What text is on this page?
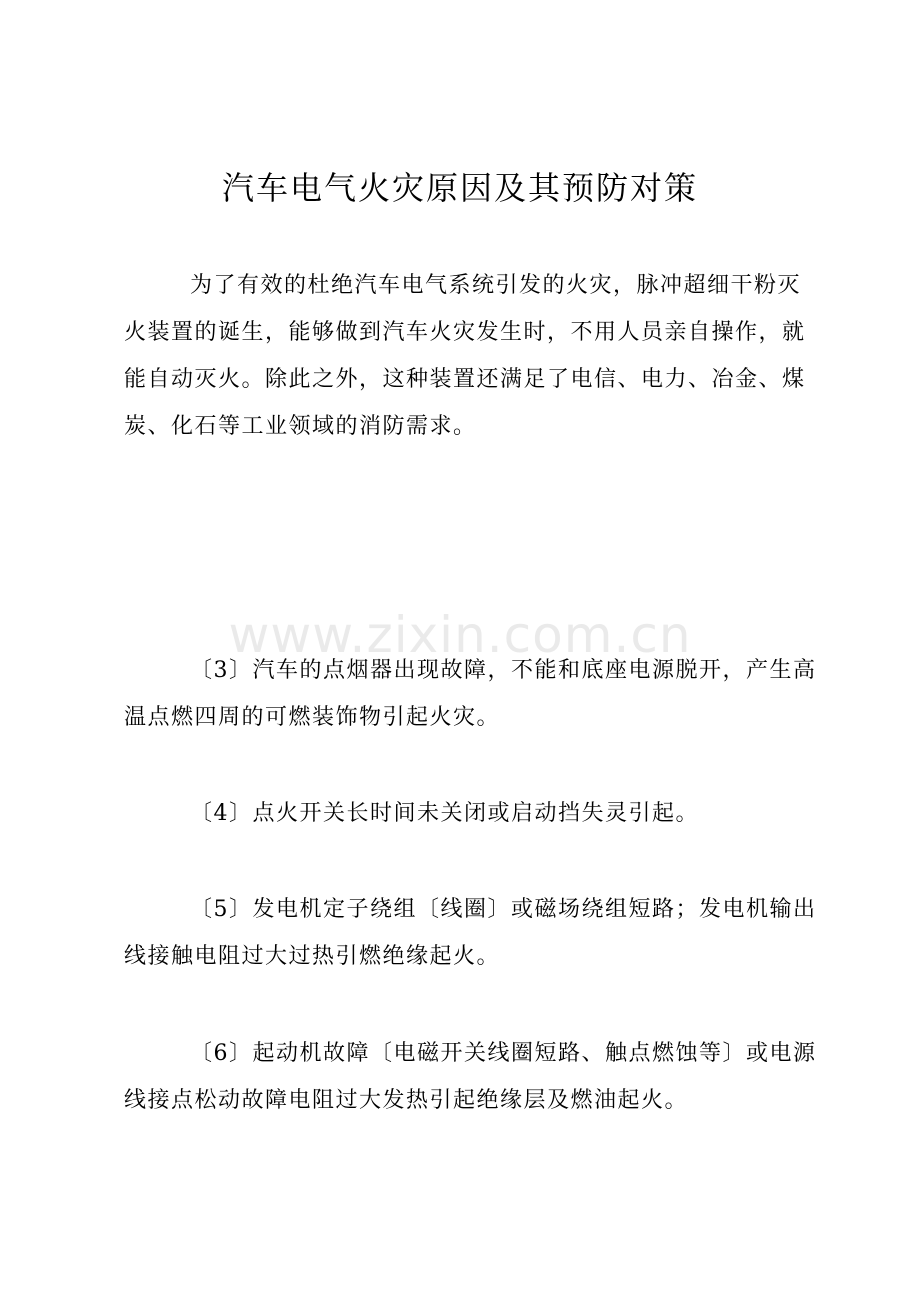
汽车电气火灾原因及其预防对策
为了有效的杜绝汽车电气系统引发的火灾，脉冲超细干粉灭火装置的诞生，能够做到汽车火灾发生时，不用人员亲自操作，就能自动灭火。除此之外，这种装置还满足了电信、电力、冶金、煤炭、化石等工业领域的消防需求。
www.zixin.com.cn
〔3〕汽车的点烟器出现故障，不能和底座电源脱开，产生高温点燃四周的可燃装饰物引起火灾。
〔4〕点火开关长时间未关闭或启动挡失灵引起。
〔5〕发电机定子绕组〔线圈〕或磁场绕组短路；发电机输出线接触电阻过大过热引燃绝缘起火。
〔6〕起动机故障〔电磁开关线圈短路、触点燃蚀等〕或电源线接点松动故障电阻过大发热引起绝缘层及燃油起火。
